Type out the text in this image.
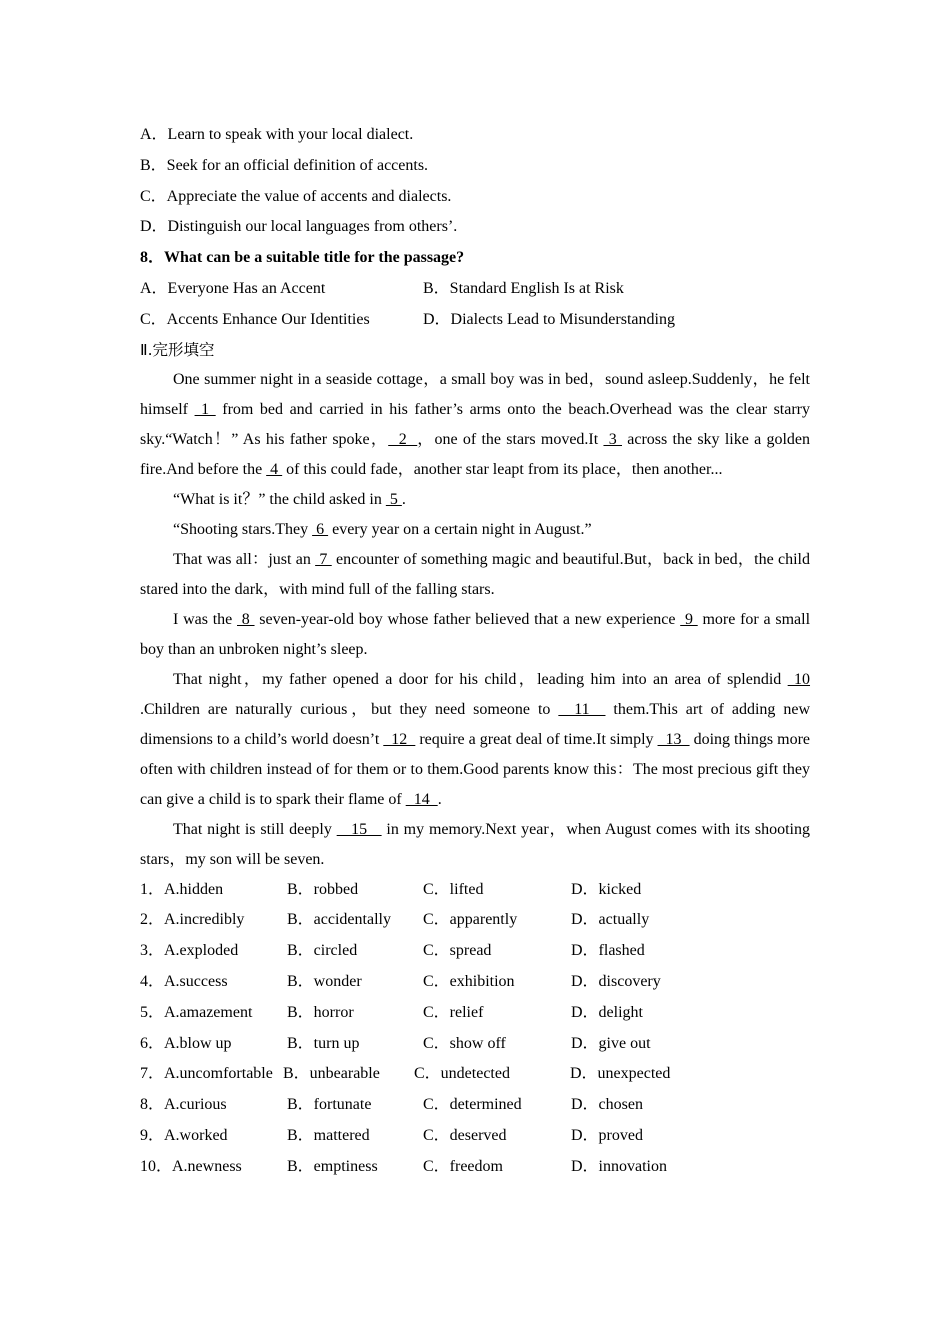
A．Learn to speak with your local dialect.
B．Seek for an official definition of accents.
C．Appreciate the value of accents and dialects.
D．Distinguish our local languages from others’.
8．What can be a suitable title for the passage?
A．Everyone Has an Accent	B．Standard English Is at Risk
C．Accents Enhance Our Identities	D．Dialects Lead to Misunderstanding
Ⅱ.完形填空

One summer night in a seaside cottage，a small boy was in bed，sound asleep.Suddenly，he felt himself  1  from bed and carried in his father’s arms onto the beach.Overhead was the clear starry sky.“Watch！” As his father spoke，  2  ，one of the stars moved.It  3  across the sky like a golden fire.And before the  4  of this could fade，another star leapt from its place，then another...

“What is it？” the child asked in  5 .

“Shooting stars.They  6  every year on a certain night in August.”

That was all：just an  7  encounter of something magic and beautiful.But，back in bed，the child stared into the dark，with mind full of the falling stars.

I was the  8  seven-year-old boy whose father believed that a new experience  9  more for a small boy than an unbroken night’s sleep.

That night，my father opened a door for his child，leading him into an area of splendid  10 .Children are naturally curious，but they need someone to   11   them.This art of adding new dimensions to a child’s world doesn’t   12   require a great deal of time.It simply   13   doing things more often with children instead of for them or to them.Good parents know this：The most precious gift they can give a child is to spark their flame of   14  .

That night is still deeply    15    in my memory.Next year，when August comes with its shooting stars，my son will be seven.

1．A.hidden	B．robbed	C．lifted	D．kicked
2．A.incredibly	B．accidentally C．apparently	D．actually
3．A.exploded	B．circled	C．spread	D．flashed
4．A.success	B．wonder	C．exhibition	D．discovery
5．A.amazement B．horror	C．relief	D．delight
6．A.blow up	B．turn up	C．show off	D．give out
7．A.uncomfortable B．unbearable C．undetected	D．unexpected
8．A.curious	B．fortunate	C．determined	D．chosen
9．A.worked	B．mattered	C．deserved	D．proved
10．A.newness	B．emptiness	C．freedom	D．innovation
